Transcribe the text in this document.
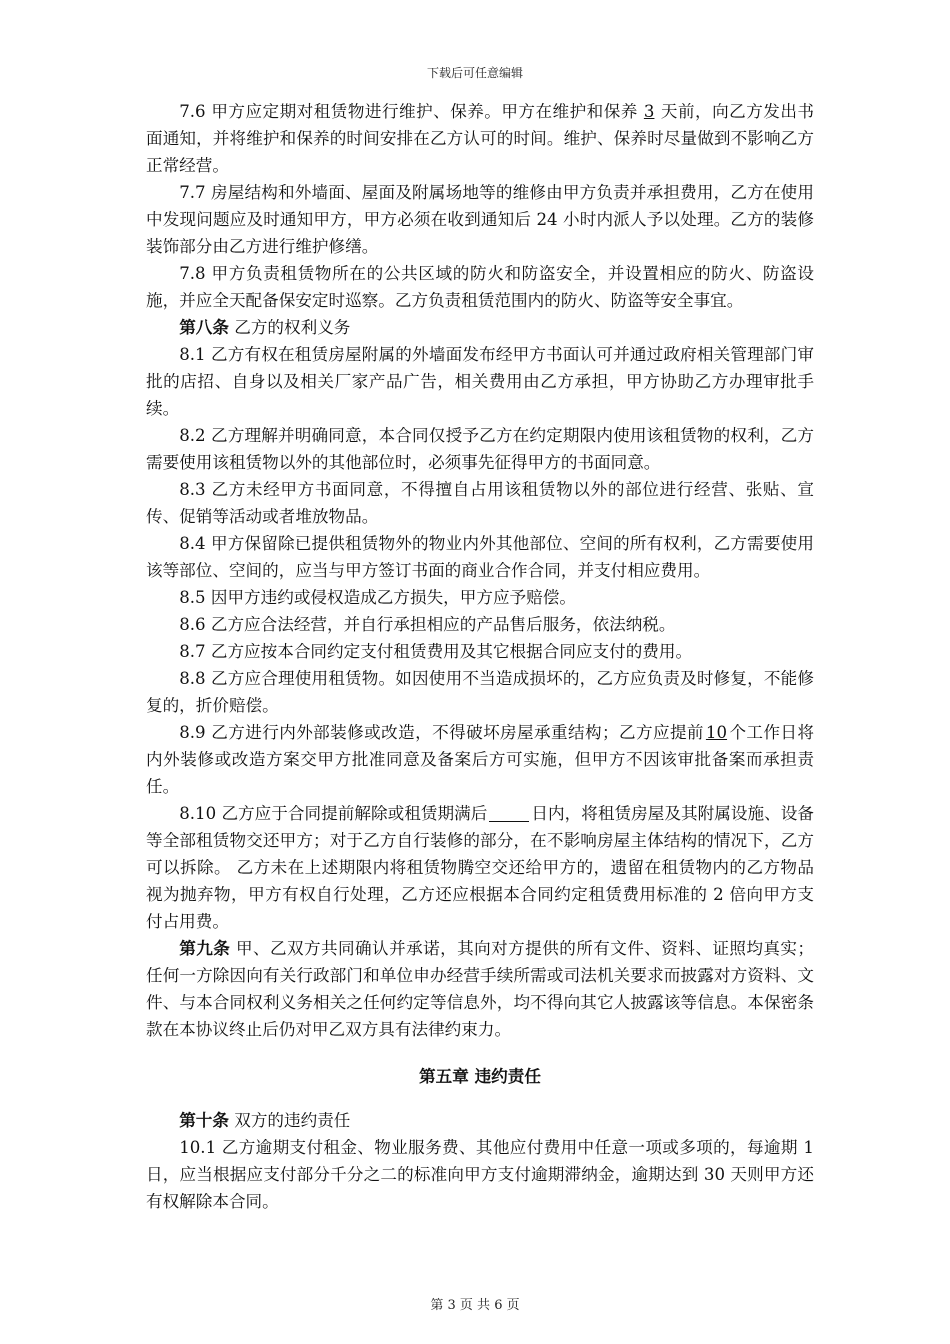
下载后可任意编辑

7.6 甲方应定期对租赁物进行维护、保养。甲方在维护和保养 3 天前，向乙方发出书面通知，并将维护和保养的时间安排在乙方认可的时间。维护、保养时尽量做到不影响乙方正常经营。

7.7 房屋结构和外墙面、屋面及附属场地等的维修由甲方负责并承担费用，乙方在使用中发现问题应及时通知甲方，甲方必须在收到通知后 24 小时内派人予以处理。乙方的装修装饰部分由乙方进行维护修缮。

7.8 甲方负责租赁物所在的公共区域的防火和防盗安全，并设置相应的防火、防盗设施，并应全天配备保安定时巡察。乙方负责租赁范围内的防火、防盗等安全事宜。

第八条 乙方的权利义务

8.1 乙方有权在租赁房屋附属的外墙面发布经甲方书面认可并通过政府相关管理部门审批的店招、自身以及相关厂家产品广告，相关费用由乙方承担，甲方协助乙方办理审批手续。

8.2 乙方理解并明确同意，本合同仅授予乙方在约定期限内使用该租赁物的权利，乙方需要使用该租赁物以外的其他部位时，必须事先征得甲方的书面同意。

8.3 乙方未经甲方书面同意，不得擅自占用该租赁物以外的部位进行经营、张贴、宣传、促销等活动或者堆放物品。

8.4 甲方保留除已提供租赁物外的物业内外其他部位、空间的所有权利，乙方需要使用该等部位、空间的，应当与甲方签订书面的商业合作合同，并支付相应费用。

8.5 因甲方违约或侵权造成乙方损失，甲方应予赔偿。

8.6 乙方应合法经营，并自行承担相应的产品售后服务，依法纳税。

8.7 乙方应按本合同约定支付租赁费用及其它根据合同应支付的费用。

8.8 乙方应合理使用租赁物。如因使用不当造成损坏的，乙方应负责及时修复，不能修复的，折价赔偿。

8.9 乙方进行内外部装修或改造，不得破坏房屋承重结构；乙方应提前 10 个工作日将内外装修或改造方案交甲方批准同意及备案后方可实施，但甲方不因该审批备案而承担责任。

8.10 乙方应于合同提前解除或租赁期满后	日内，将租赁房屋及其附属设施、设备等全部租赁物交还甲方；对于乙方自行装修的部分，在不影响房屋主体结构的情况下，乙方可以拆除。 乙方未在上述期限内将租赁物腾空交还给甲方的，遗留在租赁物内的乙方物品视为抛弃物，甲方有权自行处理，乙方还应根据本合同约定租赁费用标准的 2 倍向甲方支付占用费。

第九条 甲、乙双方共同确认并承诺，其向对方提供的所有文件、资料、证照均真实；任何一方除因向有关行政部门和单位申办经营手续所需或司法机关要求而披露对方资料、文件、与本合同权利义务相关之任何约定等信息外，均不得向其它人披露该等信息。本保密条款在本协议终止后仍对甲乙双方具有法律约束力。

第五章 违约责任

第十条 双方的违约责任

10.1 乙方逾期支付租金、物业服务费、其他应付费用中任意一项或多项的，每逾期 1 日，应当根据应支付部分千分之二的标准向甲方支付逾期滞纳金，逾期达到 30 天则甲方还有权解除本合同。

第 3 页 共 6 页
